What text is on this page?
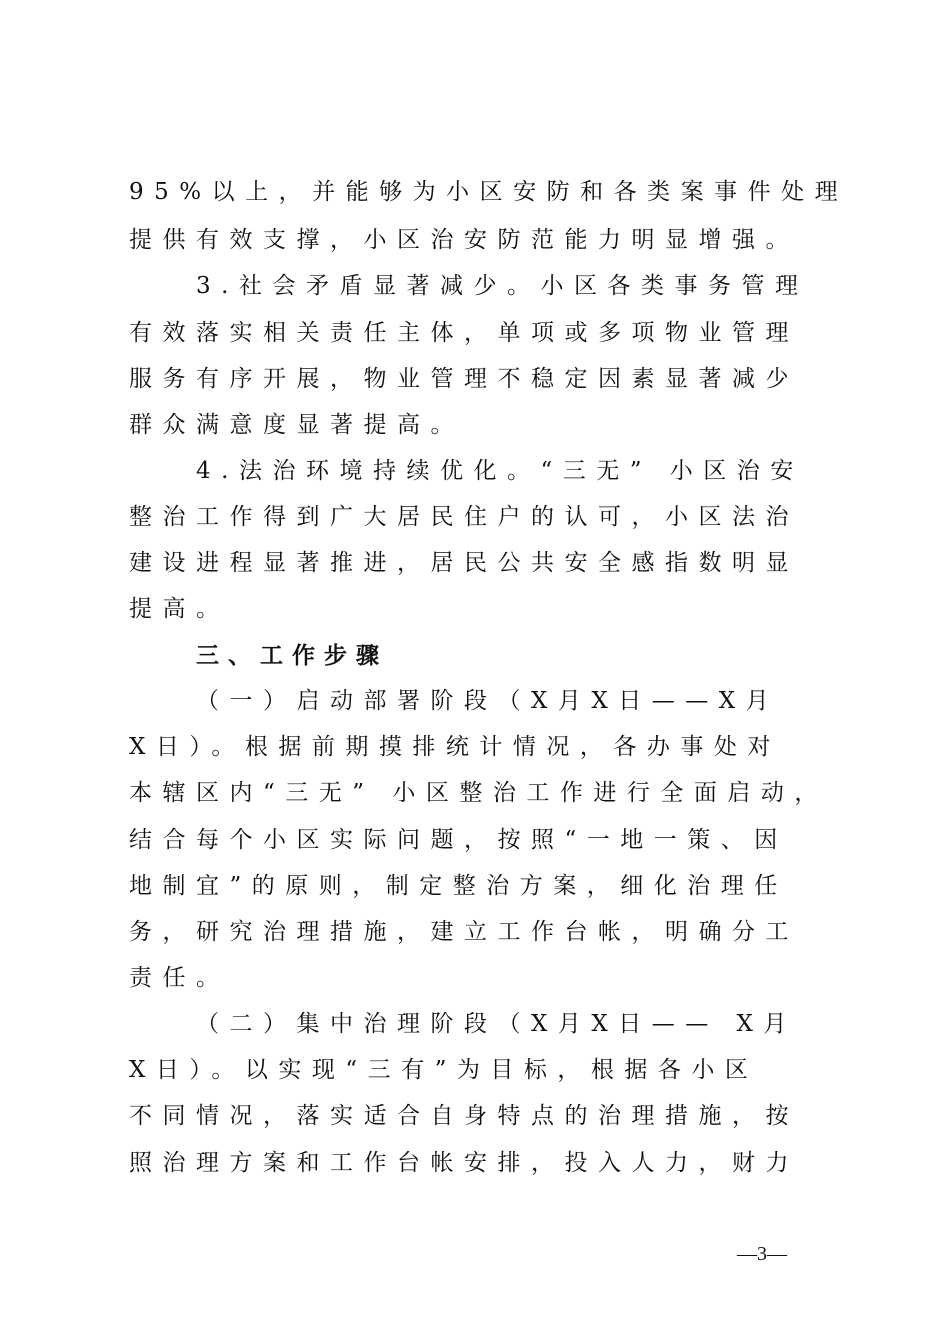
95%以上，并能够为小区安防和各类案事件处理
提供有效支撑，小区治安防范能力明显增强。
3.社会矛盾显著减少。小区各类事务管理
有效落实相关责任主体，单项或多项物业管理
服务有序开展，物业管理不稳定因素显著减少
群众满意度显著提高。
4.法治环境持续优化。“三无” 小区治安
整治工作得到广大居民住户的认可，小区法治
建设进程显著推进，居民公共安全感指数明显
提高。
三、工作步骤
（一）启动部署阶段（X月X日——X月
X日）。根据前期摸排统计情况，各办事处对
本辖区内“三无” 小区整治工作进行全面启动，
结合每个小区实际问题，按照“一地一策、因
地制宜”的原则，制定整治方案，细化治理任
务，研究治理措施，建立工作台帐，明确分工
责任。
（二）集中治理阶段（X月X日—— X月
X日）。以实现“三有”为目标，根据各小区
不同情况，落实适合自身特点的治理措施，按
照治理方案和工作台帐安排，投入人力，财力
—3—
